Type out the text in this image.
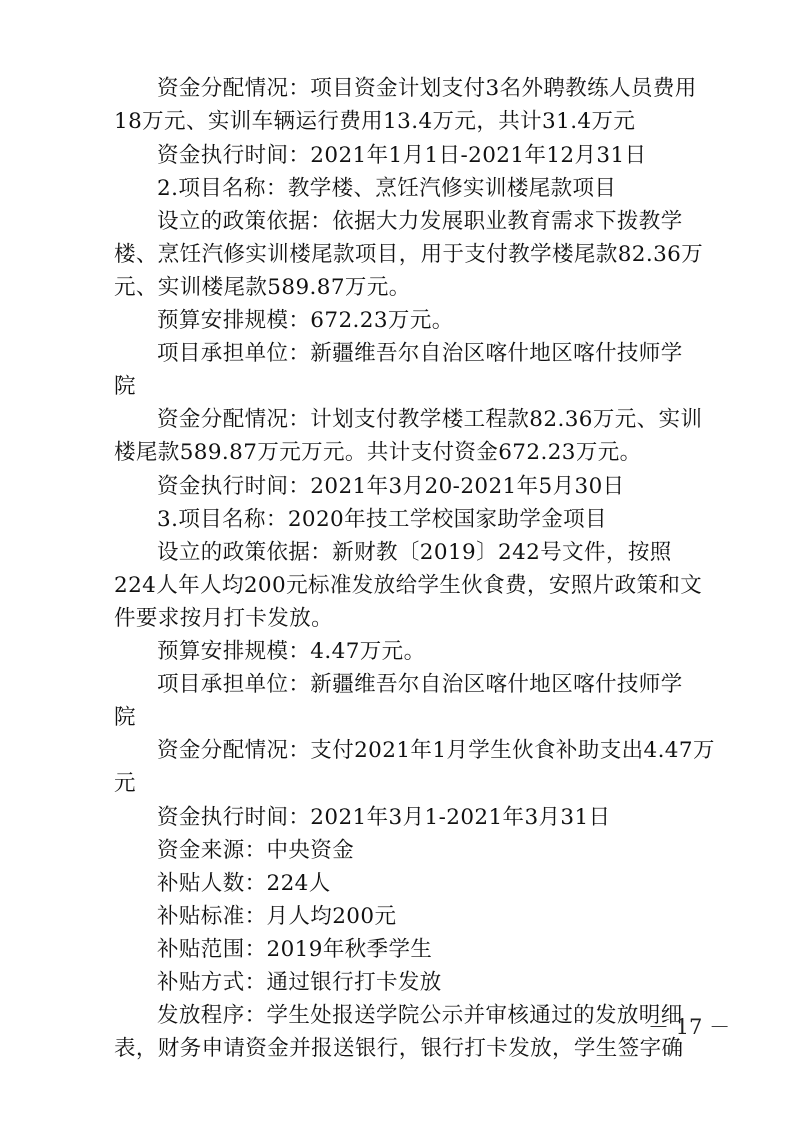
资金分配情况：项目资金计划支付3名外聘教练人员费用
18万元、实训车辆运行费用13.4万元，共计31.4万元
资金执行时间：2021年1月1日-2021年12月31日
2.项目名称：教学楼、烹饪汽修实训楼尾款项目
设立的政策依据：依据大力发展职业教育需求下拨教学
楼、烹饪汽修实训楼尾款项目，用于支付教学楼尾款82.36万
元、实训楼尾款589.87万元。
预算安排规模：672.23万元。
项目承担单位：新疆维吾尔自治区喀什地区喀什技师学
院
资金分配情况：计划支付教学楼工程款82.36万元、实训
楼尾款589.87万元万元。共计支付资金672.23万元。
资金执行时间：2021年3月20-2021年5月30日
3.项目名称：2020年技工学校国家助学金项目
设立的政策依据：新财教〔2019〕242号文件，按照
224人年人均200元标准发放给学生伙食费，安照片政策和文
件要求按月打卡发放。
预算安排规模：4.47万元。
项目承担单位：新疆维吾尔自治区喀什地区喀什技师学
院
资金分配情况：支付2021年1月学生伙食补助支出4.47万
元
资金执行时间：2021年3月1-2021年3月31日
资金来源：中央资金
补贴人数：224人
补贴标准：月人均200元
补贴范围：2019年秋季学生
补贴方式：通过银行打卡发放
发放程序：学生处报送学院公示并审核通过的发放明细
表，财务申请资金并报送银行，银行打卡发放，学生签字确
－ 17 －
